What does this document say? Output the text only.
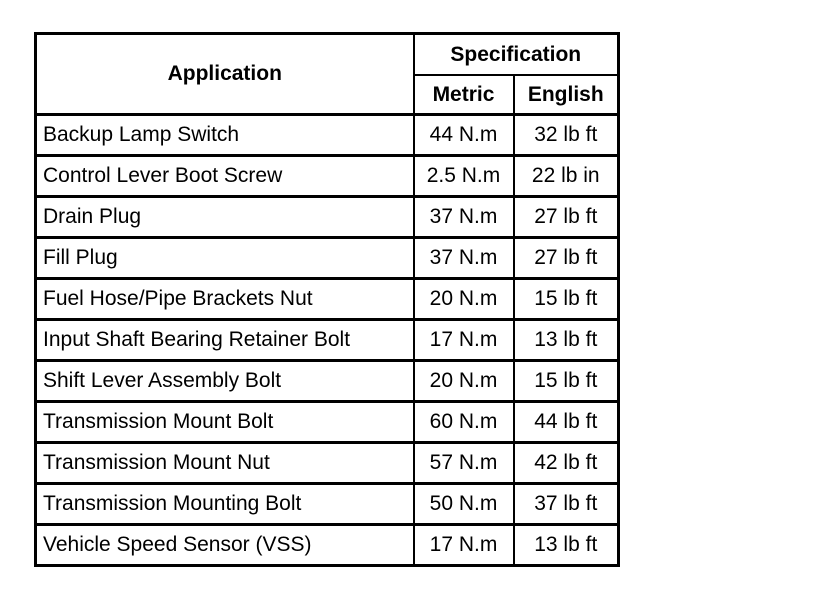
Application	Specification	
	Metric	English
Backup Lamp Switch	44 N.m	32 lb ft
Control Lever Boot Screw	2.5 N.m	22 lb in
Drain Plug	37 N.m	27 lb ft
Fill Plug	37 N.m	27 lb ft
Fuel Hose/Pipe Brackets Nut	20 N.m	15 lb ft
Input Shaft Bearing Retainer Bolt	17 N.m	13 lb ft
Shift Lever Assembly Bolt	20 N.m	15 lb ft
Transmission Mount Bolt	60 N.m	44 lb ft
Transmission Mount Nut	57 N.m	42 lb ft
Transmission Mounting Bolt	50 N.m	37 lb ft
Vehicle Speed Sensor (VSS)	17 N.m	13 lb ft
